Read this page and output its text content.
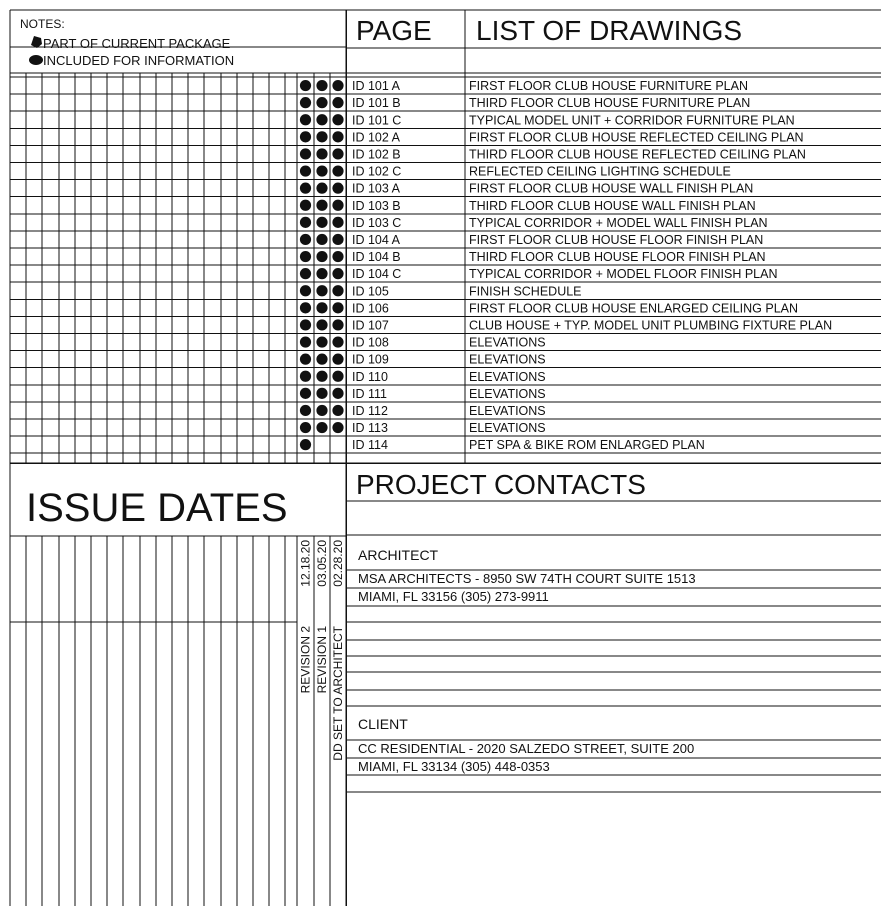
NOTES:
PART OF CURRENT PACKAGE
INCLUDED FOR INFORMATION
PAGE LIST OF DRAWINGS
ID 101 A	FIRST FLOOR CLUB HOUSE FURNITURE PLAN
ID 101 B	THIRD FLOOR CLUB HOUSE FURNITURE PLAN
ID 101 C	TYPICAL MODEL UNIT + CORRIDOR FURNITURE PLAN
ID 102 A	FIRST FLOOR CLUB HOUSE REFLECTED CEILING PLAN
ID 102 B	THIRD FLOOR CLUB HOUSE REFLECTED CEILING PLAN
ID 102 C	REFLECTED CEILING LIGHTING SCHEDULE
ID 103 A	FIRST FLOOR CLUB HOUSE WALL FINISH PLAN
ID 103 B	THIRD FLOOR CLUB HOUSE WALL FINISH PLAN
ID 103 C	TYPICAL CORRIDOR + MODEL WALL FINISH PLAN
ID 104 A	FIRST FLOOR CLUB HOUSE FLOOR FINISH PLAN
ID 104 B	THIRD FLOOR CLUB HOUSE FLOOR FINISH PLAN
ID 104 C	TYPICAL CORRIDOR + MODEL FLOOR FINISH PLAN
ID 105	FINISH SCHEDULE
ID 106	FIRST FLOOR CLUB HOUSE ENLARGED CEILING PLAN
ID 107	CLUB HOUSE + TYP. MODEL UNIT PLUMBING FIXTURE PLAN
ID 108	ELEVATIONS
ID 109	ELEVATIONS
ID 110	ELEVATIONS
ID 111	ELEVATIONS
ID 112	ELEVATIONS
ID 113	ELEVATIONS
ID 114	PET SPA & BIKE ROM ENLARGED PLAN
ISSUE DATES
12.18.20
REVISION 2
03.05.20
REVISION 1
02.28.20
DD SET TO ARCHITECT
PROJECT CONTACTS
ARCHITECT
MSA ARCHITECTS - 8950 SW 74TH COURT SUITE 1513
MIAMI, FL 33156 (305) 273-9911
CLIENT
CC RESIDENTIAL - 2020 SALZEDO STREET, SUITE 200
MIAMI, FL 33134 (305) 448-0353
